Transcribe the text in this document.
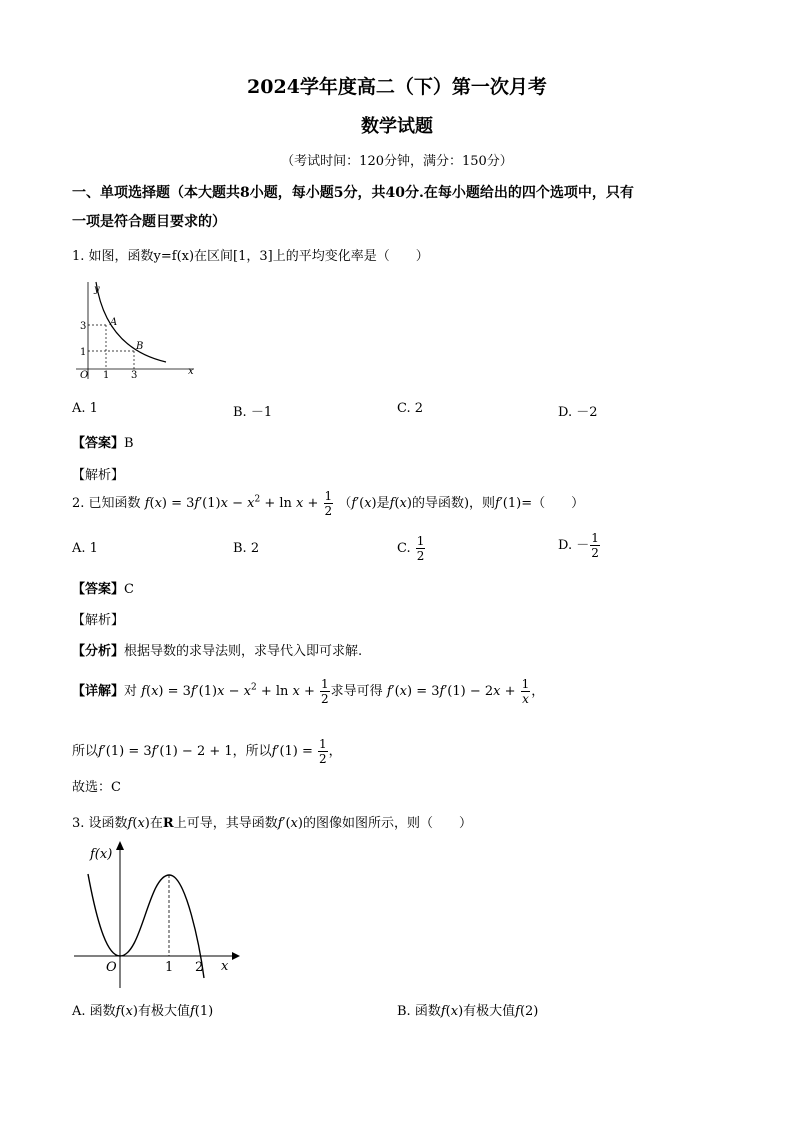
2024学年度高二（下）第一次月考
数学试题
（考试时间：120分钟，满分：150分）
一、单项选择题（本大题共8小题，每小题5分，共40分.在每小题给出的四个选项中，只有
一项是符合题目要求的）
1. 如图，函数y=f(x)在区间[1，3]上的平均变化率是（　　）
y
x
O 1 3
3
1
A
B
A. 1	B. －1	C. 2	D. －2
【答案】B
【解析】
2. 已知函数 $f(x) = 3f'(1)x - x^2 + \ln x + \frac{1}{2} (f'(x)$是f(x)的导函数)，则f′(1)=（　　）
A. 1	B. 2	C. $\frac{1}{2}$	D. － $\frac{1}{2}$
【答案】C
【解析】
【分析】根据导数的求导法则，求导代入即可求解.
【详解】对 $f(x) = 3f'(1)x - x^2 + \ln x + \frac{1}{2}$ 求导可得 $f'(x) = 3f'(1) - 2x + \frac{1}{x}$ ，
所以f′(1) = 3f′(1) − 2 + 1，所以$f'(1) = \frac{1}{2}$ ，
故选：C
3. 设函数f(x)在R上可导，其导函数f′(x)的图像如图所示，则（　　）
f(x)
x
O	1 2
A. 函数f(x)有极大值f(1)	B. 函数f(x)有极大值f(2)
